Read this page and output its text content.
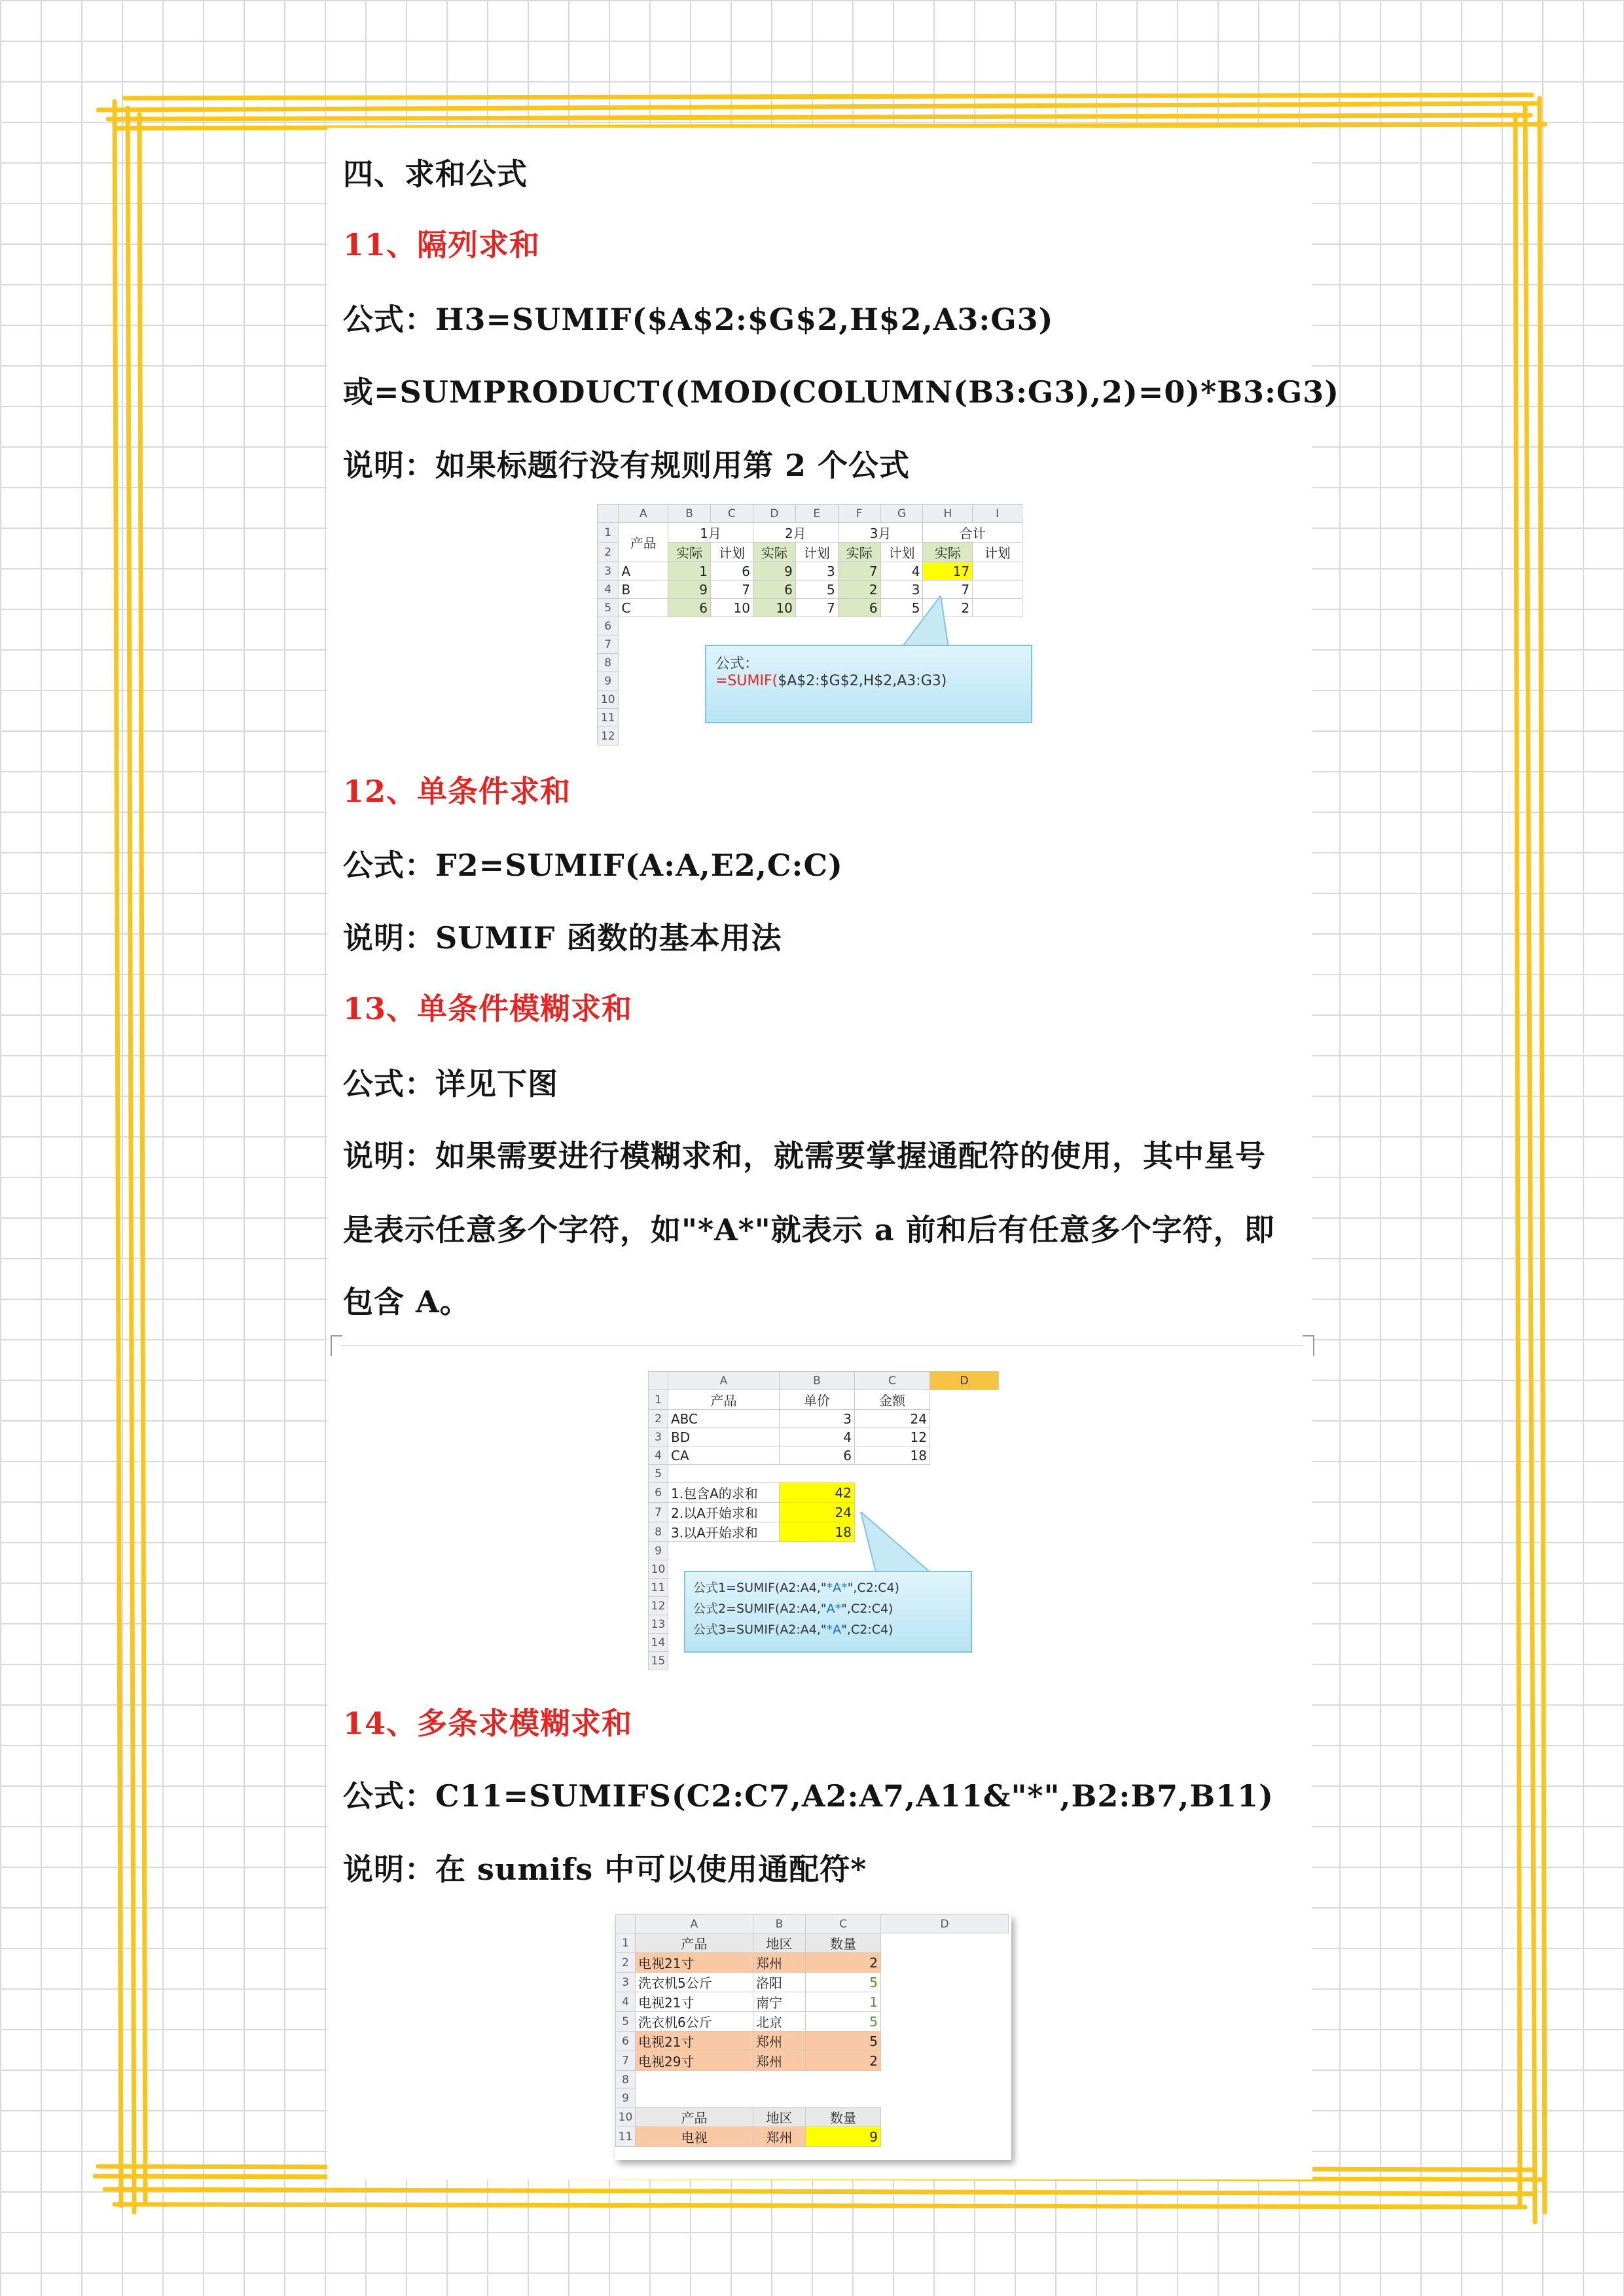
四、求和公式
11、隔列求和
公式：H3=SUMIF($A$2:$G$2,H$2,A3:G3)
或=SUMPRODUCT((MOD(COLUMN(B3:G3),2)=0)*B3:G3)
说明：如果标题行没有规则用第 2 个公式
	A	B	C	D	E	F	G	H	I
1	产品	1月		2月		3月		合计	
2		实际	计划	实际	计划	实际	计划	实际	计划
3	A	1	6	9	3	7	4	17	
4	B	9	7	6	5	2	3	7	
5	C	6	10	10	7	6	5	2	
6									
7									
8									
9									
10									
11									
12									
公式：
=SUMIF($A$2:$G$2,H$2,A3:G3)
12、单条件求和
公式：F2=SUMIF(A:A,E2,C:C)
说明：SUMIF 函数的基本用法
13、单条件模糊求和
公式：详见下图
说明：如果需要进行模糊求和，就需要掌握通配符的使用，其中星号
是表示任意多个字符，如"*A*"就表示 a 前和后有任意多个字符，即
包含 A。
	A	B	C	D
1	产品	单价	金额	
2	ABC	3	24	
3	BD	4	12	
4	CA	6	18	
5				
6	1.包含A的求和	42		
7	2.以A开始求和	24		
8	3.以A开始求和	18		
9				
10				
11				
12				
13				
14				
15				
公式1=SUMIF(A2:A4,"*A*",C2:C4)
公式2=SUMIF(A2:A4,"A*",C2:C4)
公式3=SUMIF(A2:A4,"*A",C2:C4)
14、多条求模糊求和
公式：C11=SUMIFS(C2:C7,A2:A7,A11&"*",B2:B7,B11)
说明：在 sumifs 中可以使用通配符*
	A	B	C	D
1	产品	地区	数量	
2	电视21寸	郑州	2	
3	洗衣机5公斤	洛阳	5	
4	电视21寸	南宁	1	
5	洗衣机6公斤	北京	5	
6	电视21寸	郑州	5	
7	电视29寸	郑州	2	
8				
9				
10	产品	地区	数量	
11	电视	郑州	9	
